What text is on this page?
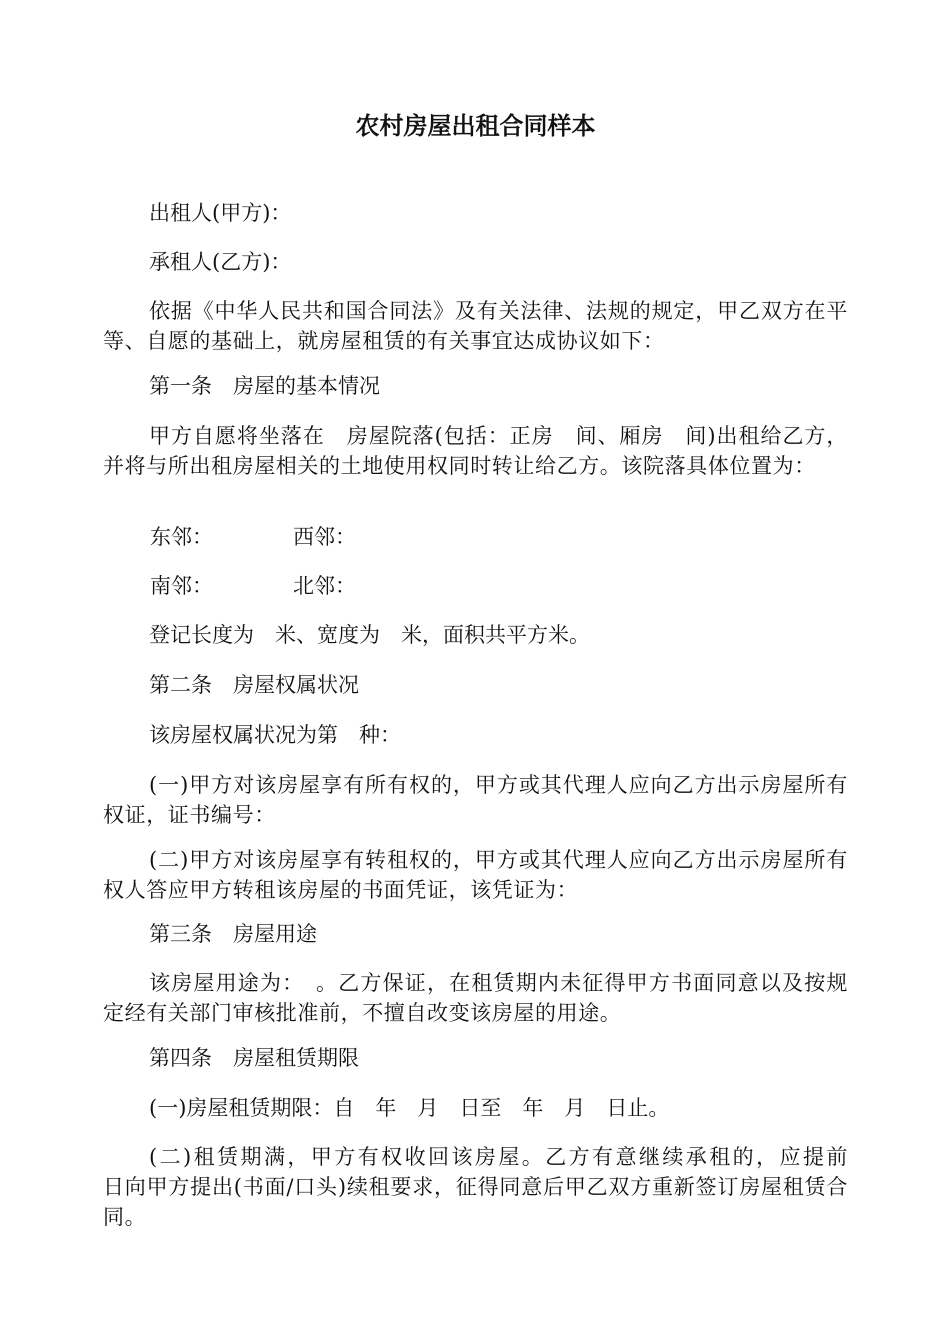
农村房屋出租合同样本

出租人(甲方)：

承租人(乙方)：

依据《中华人民共和国合同法》及有关法律、法规的规定，甲乙双方在平等、自愿的基础上，就房屋租赁的有关事宜达成协议如下：

第一条　房屋的基本情况

甲方自愿将坐落在　房屋院落(包括：正房　间、厢房　间)出租给乙方，并将与所出租房屋相关的土地使用权同时转让给乙方。该院落具体位置为：

东邻：	西邻：
南邻：	北邻：

登记长度为　米、宽度为　米，面积共平方米。

第二条　房屋权属状况

该房屋权属状况为第　种：

(一)甲方对该房屋享有所有权的，甲方或其代理人应向乙方出示房屋所有权证，证书编号：

(二)甲方对该房屋享有转租权的，甲方或其代理人应向乙方出示房屋所有权人答应甲方转租该房屋的书面凭证，该凭证为：

第三条　房屋用途

该房屋用途为：　。乙方保证，在租赁期内未征得甲方书面同意以及按规定经有关部门审核批准前，不擅自改变该房屋的用途。

第四条　房屋租赁期限

(一)房屋租赁期限：自　年　月　日至　年　月　日止。

(二)租赁期满，甲方有权收回该房屋。乙方有意继续承租的，应提前　　日向甲方提出(书面/口头)续租要求，征得同意后甲乙双方重新签订房屋租赁合同。
